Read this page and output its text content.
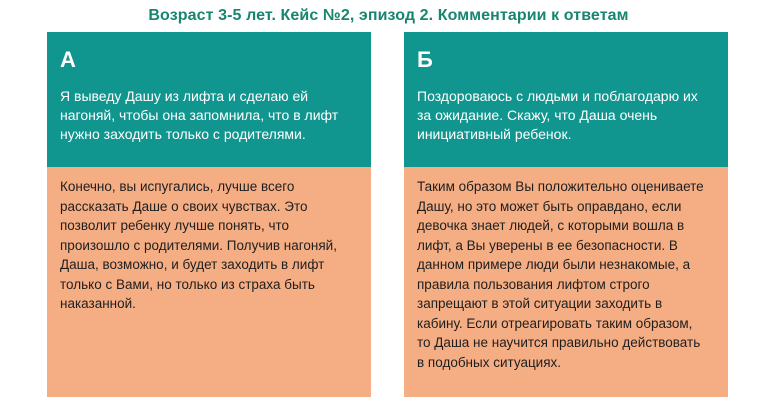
Возраст 3-5 лет. Кейс №2, эпизод 2. Комментарии к ответам
А
Я выведу Дашу из лифта и сделаю ей нагоняй, чтобы она запомнила, что в лифт нужно заходить только с родителями.
Конечно, вы испугались, лучше всего рассказать Даше о своих чувствах. Это позволит ребенку лучше понять, что произошло с родителями. Получив нагоняй, Даша, возможно, и будет заходить в лифт только с Вами, но только из страха быть наказанной.
Б
Поздороваюсь с людьми и поблагодарю их за ожидание. Скажу, что Даша очень инициативный ребенок.
Таким образом Вы положительно оцениваете Дашу, но это может быть оправдано, если девочка знает людей, с которыми вошла в лифт, а Вы уверены в ее безопасности. В данном примере люди были незнакомые, а правила пользования лифтом строго запрещают в этой ситуации заходить в кабину. Если отреагировать таким образом, то Даша не научится правильно действовать в подобных ситуациях.
